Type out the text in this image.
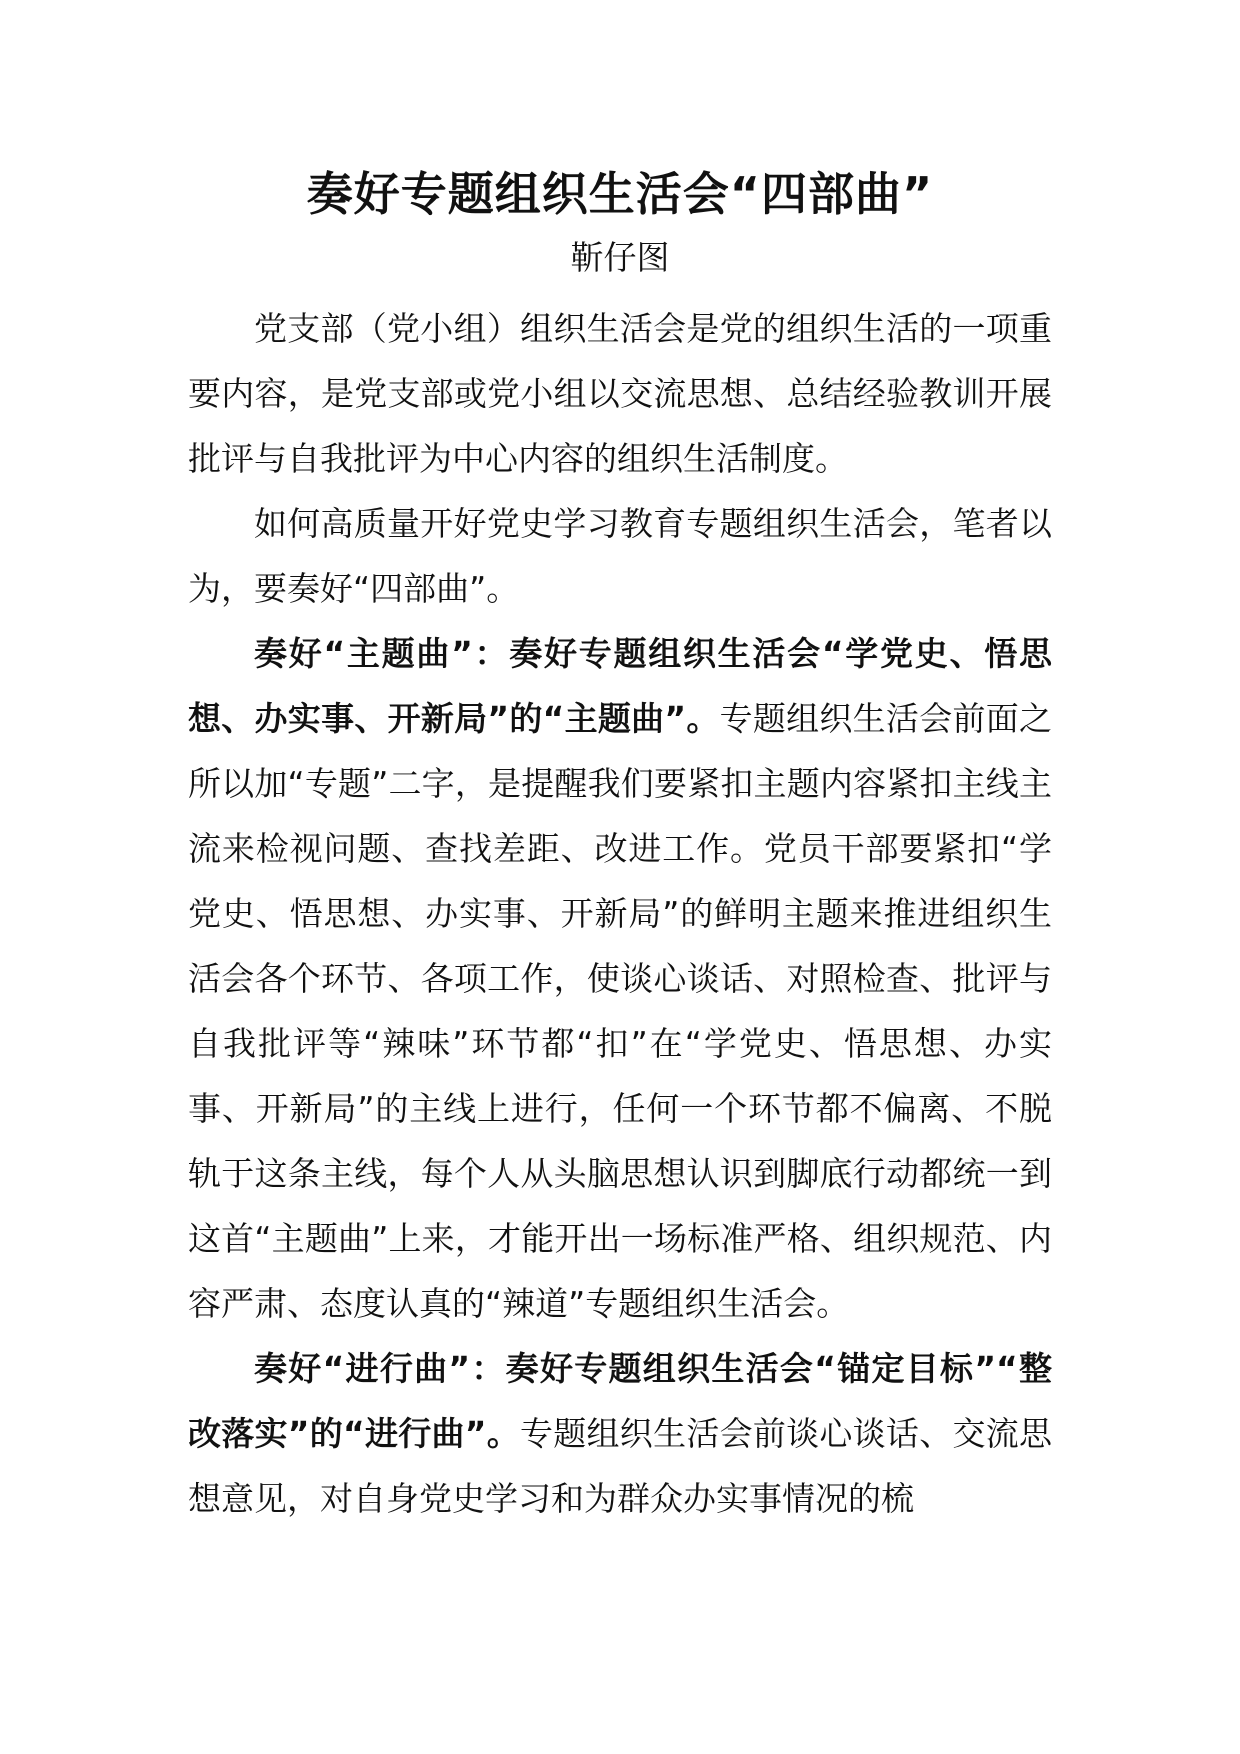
奏好专题组织生活会“四部曲”
靳仔图

党支部（党小组）组织生活会是党的组织生活的一项重要内容，是党支部或党小组以交流思想、总结经验教训开展批评与自我批评为中心内容的组织生活制度。

如何高质量开好党史学习教育专题组织生活会，笔者以为，要奏好“四部曲”。

奏好“主题曲”：奏好专题组织生活会“学党史、悟思想、办实事、开新局”的“主题曲”。专题组织生活会前面之所以加“专题”二字，是提醒我们要紧扣主题内容紧扣主线主流来检视问题、查找差距、改进工作。党员干部要紧扣“学党史、悟思想、办实事、开新局”的鲜明主题来推进组织生活会各个环节、各项工作，使谈心谈话、对照检查、批评与自我批评等“辣味”环节都“扣”在“学党史、悟思想、办实事、开新局”的主线上进行，任何一个环节都不偏离、不脱轨于这条主线，每个人从头脑思想认识到脚底行动都统一到这首“主题曲”上来，才能开出一场标准严格、组织规范、内容严肃、态度认真的“辣道”专题组织生活会。

奏好“进行曲”：奏好专题组织生活会“锚定目标”“整改落实”的“进行曲”。专题组织生活会前谈心谈话、交流思想意见，对自身党史学习和为群众办实事情况的梳
